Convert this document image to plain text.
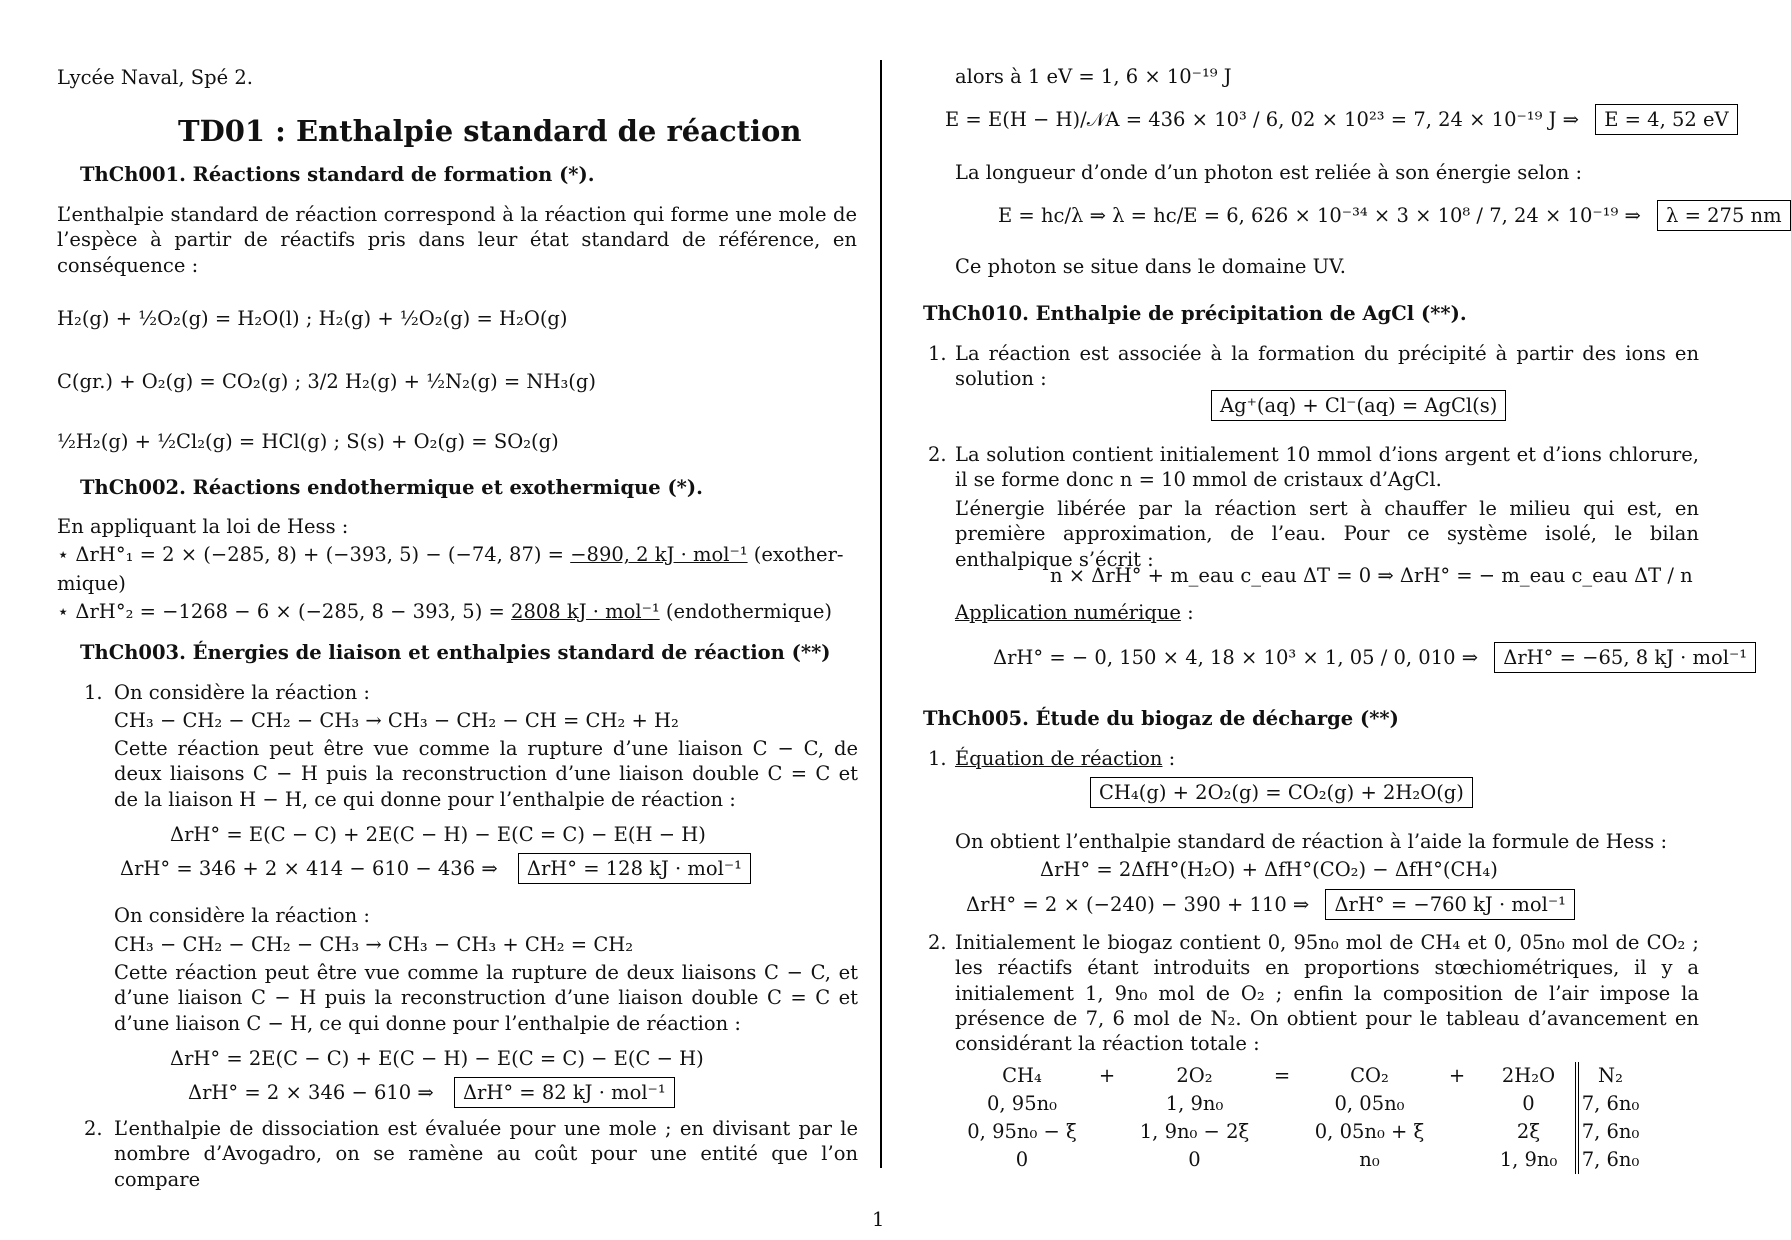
Lycée Naval, Spé 2.
TD01 : Enthalpie standard de réaction
ThCh001. Réactions standard de formation (*).
L’enthalpie standard de réaction correspond à la réaction qui forme une mole de l’espèce à partir de réactifs pris dans leur état standard de référence, en conséquence :
H₂(g) + ½O₂(g) = H₂O(l) ; H₂(g) + ½O₂(g) = H₂O(g)
C(gr.) + O₂(g) = CO₂(g) ; 3/2 H₂(g) + ½N₂(g) = NH₃(g)
½H₂(g) + ½Cl₂(g) = HCl(g) ; S(s) + O₂(g) = SO₂(g)
ThCh002. Réactions endothermique et exothermique (*).
En appliquant la loi de Hess :
⋆ ΔrH°₁ = 2 × (−285, 8) + (−393, 5) − (−74, 87) = −890, 2 kJ · mol⁻¹ (exother-
mique)
⋆ ΔrH°₂ = −1268 − 6 × (−285, 8 − 393, 5) = 2808 kJ · mol⁻¹ (endothermique)
ThCh003. Énergies de liaison et enthalpies standard de réaction (**)
1. On considère la réaction :
CH₃ − CH₂ − CH₂ − CH₃ → CH₃ − CH₂ − CH = CH₂ + H₂
Cette réaction peut être vue comme la rupture d’une liaison C − C, de deux liaisons C − H puis la reconstruction d’une liaison double C = C et de la liaison H − H, ce qui donne pour l’enthalpie de réaction :
ΔrH° = E(C − C) + 2E(C − H) − E(C = C) − E(H − H)
ΔrH° = 346 + 2 × 414 − 610 − 436 ⇒ ΔrH° = 128 kJ · mol⁻¹
On considère la réaction :
CH₃ − CH₂ − CH₂ − CH₃ → CH₃ − CH₃ + CH₂ = CH₂
Cette réaction peut être vue comme la rupture de deux liaisons C − C, et d’une liaison C − H puis la reconstruction d’une liaison double C = C et d’une liaison C − H, ce qui donne pour l’enthalpie de réaction :
ΔrH° = 2E(C − C) + E(C − H) − E(C = C) − E(C − H)
ΔrH° = 2 × 346 − 610 ⇒ ΔrH° = 82 kJ · mol⁻¹
2. L’enthalpie de dissociation est évaluée pour une mole ; en divisant par le nombre d’Avogadro, on se ramène au coût pour une entité que l’on compare
alors à 1 eV = 1, 6 × 10⁻¹⁹ J
E = E(H − H)/𝒩A = 436 × 10³ / 6, 02 × 10²³ = 7, 24 × 10⁻¹⁹ J ⇒ E = 4, 52 eV
La longueur d’onde d’un photon est reliée à son énergie selon :
E = hc/λ ⇒ λ = hc/E = 6, 626 × 10⁻³⁴ × 3 × 10⁸ / 7, 24 × 10⁻¹⁹ ⇒ λ = 275 nm
Ce photon se situe dans le domaine UV.
ThCh010. Enthalpie de précipitation de AgCl (**).
1. La réaction est associée à la formation du précipité à partir des ions en solution :
Ag⁺(aq) + Cl⁻(aq) = AgCl(s)
2. La solution contient initialement 10 mmol d’ions argent et d’ions chlorure, il se forme donc n = 10 mmol de cristaux d’AgCl.
L’énergie libérée par la réaction sert à chauffer le milieu qui est, en première approximation, de l’eau. Pour ce système isolé, le bilan enthalpique s’écrit :
n × ΔrH° + m_eau c_eau ΔT = 0 ⇒ ΔrH° = − m_eau c_eau ΔT / n
Application numérique :
ΔrH° = − 0, 150 × 4, 18 × 10³ × 1, 05 / 0, 010 ⇒ ΔrH° = −65, 8 kJ · mol⁻¹
ThCh005. Étude du biogaz de décharge (**)
1. Équation de réaction :
CH₄(g) + 2O₂(g) = CO₂(g) + 2H₂O(g)
On obtient l’enthalpie standard de réaction à l’aide la formule de Hess :
ΔrH° = 2ΔfH°(H₂O) + ΔfH°(CO₂) − ΔfH°(CH₄)
ΔrH° = 2 × (−240) − 390 + 110 ⇒ ΔrH° = −760 kJ · mol⁻¹
2. Initialement le biogaz contient 0, 95n₀ mol de CH₄ et 0, 05n₀ mol de CO₂ ; les réactifs étant introduits en proportions stœchiométriques, il y a initialement 1, 9n₀ mol de O₂ ; enfin la composition de l’air impose la présence de 7, 6 mol de N₂. On obtient pour le tableau d’avancement en considérant la réaction totale :
CH₄	+	2O₂	=	CO₂	+	2H₂O	N₂
0, 95n₀		1, 9n₀		0, 05n₀		0	7, 6n₀
0, 95n₀ − ξ		1, 9n₀ − 2ξ		0, 05n₀ + ξ		2ξ	7, 6n₀
0		0		n₀		1, 9n₀	7, 6n₀
1
